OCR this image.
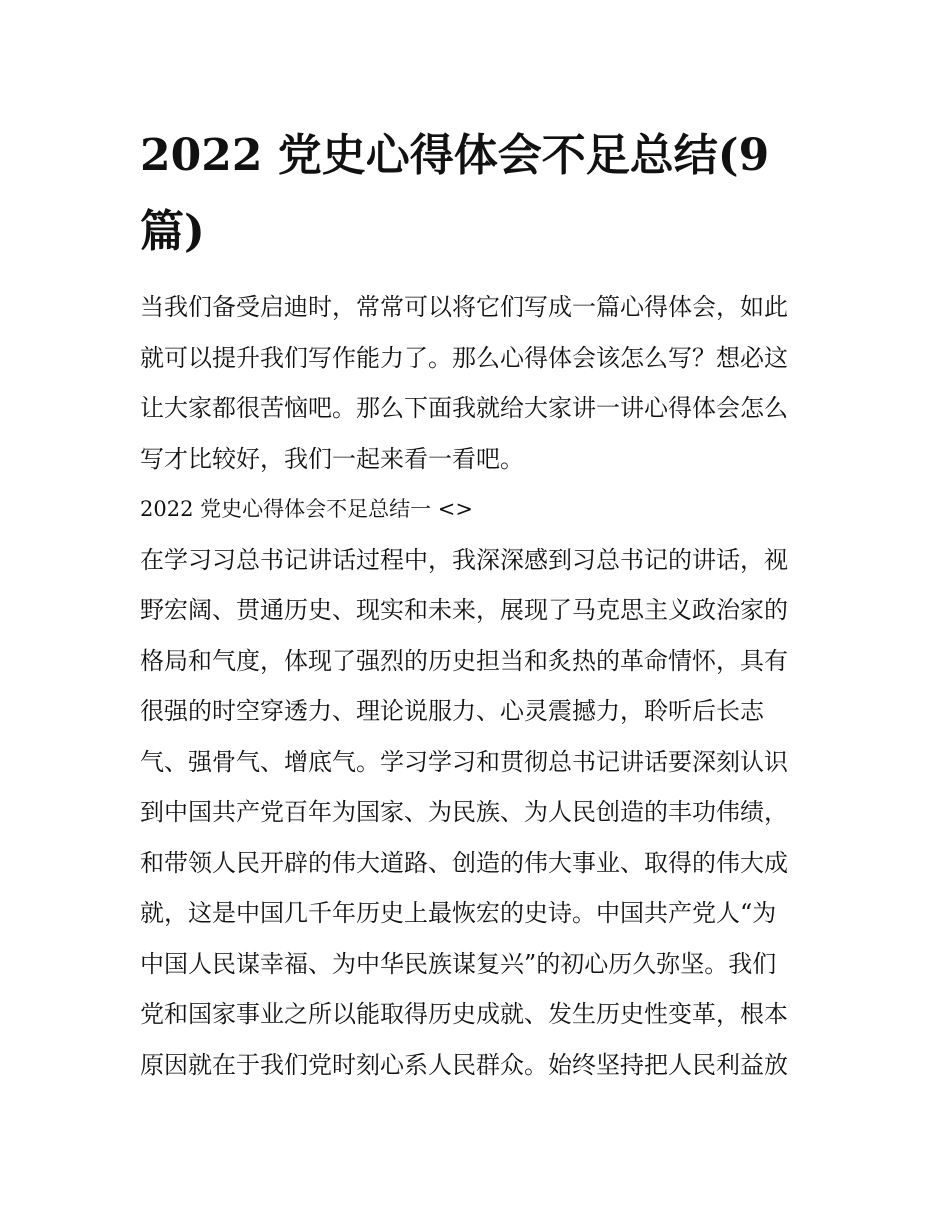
2022 党史心得体会不足总结(9
篇)
当我们备受启迪时，常常可以将它们写成一篇心得体会，如此
就可以提升我们写作能力了。那么心得体会该怎么写？想必这
让大家都很苦恼吧。那么下面我就给大家讲一讲心得体会怎么
写才比较好，我们一起来看一看吧。
2022 党史心得体会不足总结一 <>
在学习习总书记讲话过程中，我深深感到习总书记的讲话，视
野宏阔、贯通历史、现实和未来，展现了马克思主义政治家的
格局和气度，体现了强烈的历史担当和炙热的革命情怀，具有
很强的时空穿透力、理论说服力、心灵震撼力，聆听后长志
气、强骨气、增底气。学习学习和贯彻总书记讲话要深刻认识
到中国共产党百年为国家、为民族、为人民创造的丰功伟绩，
和带领人民开辟的伟大道路、创造的伟大事业、取得的伟大成
就，这是中国几千年历史上最恢宏的史诗。中国共产党人“为
中国人民谋幸福、为中华民族谋复兴”的初心历久弥坚。我们
党和国家事业之所以能取得历史成就、发生历史性变革，根本
原因就在于我们党时刻心系人民群众。始终坚持把人民利益放
